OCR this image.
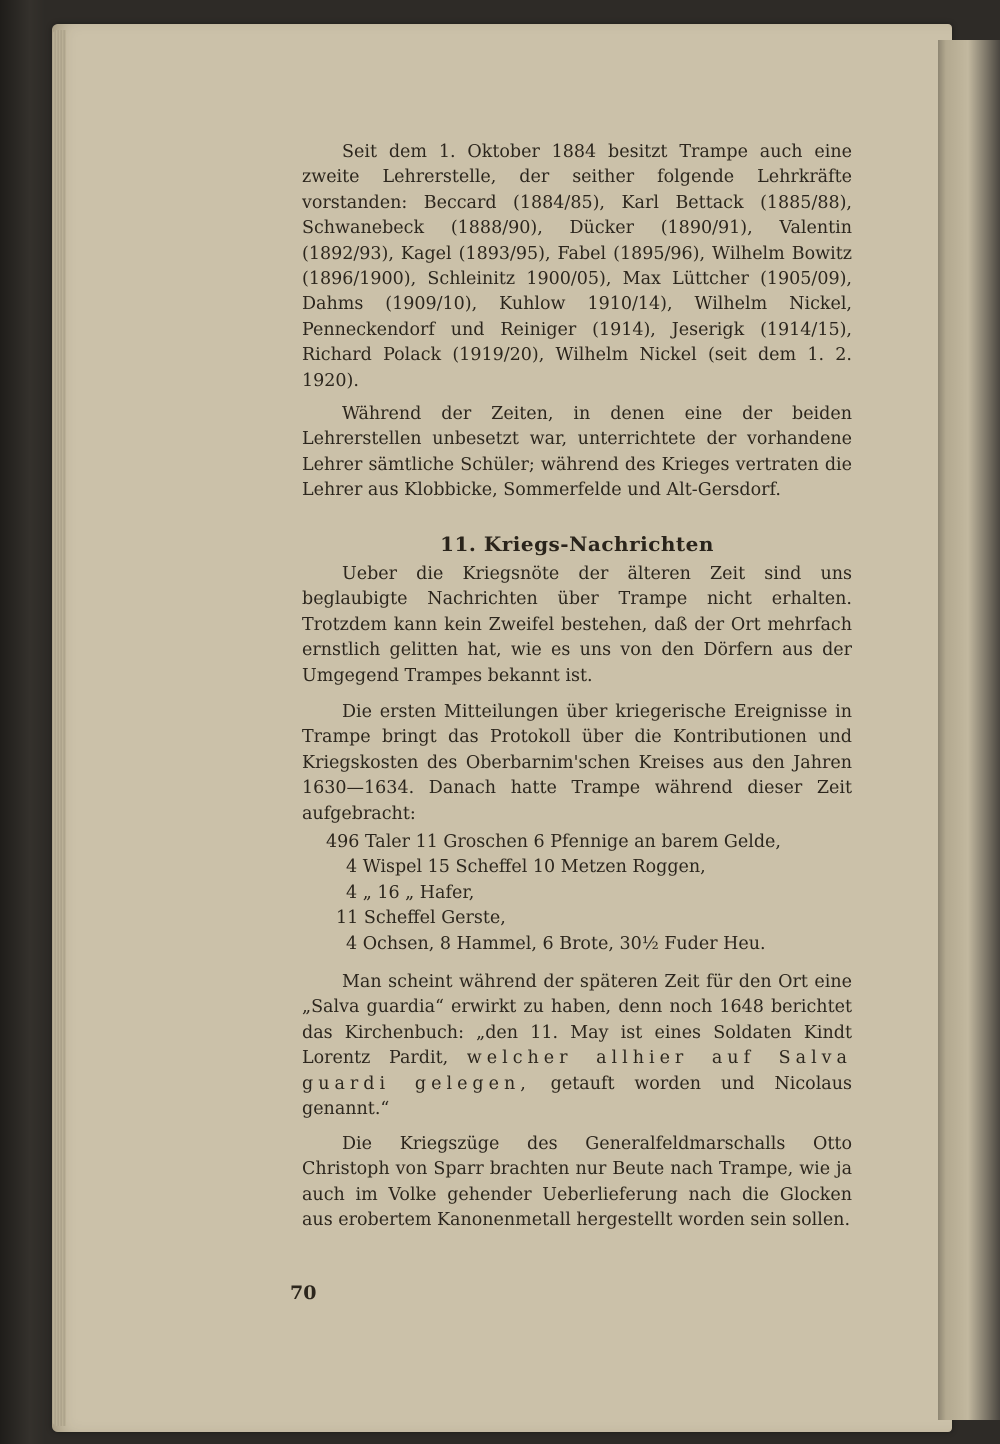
Seit dem 1. Oktober 1884 besitzt Trampe auch eine zweite Lehrerstelle, der seither folgende Lehrkräfte vorstanden: Beccard (1884/85), Karl Bettack (1885/88), Schwanebeck (1888/90), Dücker (1890/91), Valentin (1892/93), Kagel (1893/95), Fabel (1895/96), Wilhelm Bowitz (1896/1900), Schleinitz 1900/05), Max Lüttcher (1905/09), Dahms (1909/10), Kuhlow 1910/14), Wilhelm Nickel, Penneckendorf und Reiniger (1914), Jeserigk (1914/15), Richard Polack (1919/20), Wilhelm Nickel (seit dem 1. 2. 1920).

Während der Zeiten, in denen eine der beiden Lehrerstellen unbesetzt war, unterrichtete der vorhandene Lehrer sämtliche Schüler; während des Krieges vertraten die Lehrer aus Klobbicke, Sommerfelde und Alt-Gersdorf.

11. Kriegs-Nachrichten

Ueber die Kriegsnöte der älteren Zeit sind uns beglaubigte Nachrichten über Trampe nicht erhalten. Trotzdem kann kein Zweifel bestehen, daß der Ort mehrfach ernstlich gelitten hat, wie es uns von den Dörfern aus der Umgegend Trampes bekannt ist.

Die ersten Mitteilungen über kriegerische Ereignisse in Trampe bringt das Protokoll über die Kontributionen und Kriegskosten des Oberbarnim'schen Kreises aus den Jahren 1630—1634. Danach hatte Trampe während dieser Zeit aufgebracht:

496 Taler 11 Groschen 6 Pfennige an barem Gelde,
4 Wispel 15 Scheffel 10 Metzen Roggen,
4 „ 16 „ Hafer,
11 Scheffel Gerste,
4 Ochsen, 8 Hammel, 6 Brote, 30½ Fuder Heu.

Man scheint während der späteren Zeit für den Ort eine „Salva guardia“ erwirkt zu haben, denn noch 1648 berichtet das Kirchenbuch: „den 11. May ist eines Soldaten Kindt Lorentz Pardit, welcher allhier auf Salva guardi gelegen, getauft worden und Nicolaus genannt.“

Die Kriegszüge des Generalfeldmarschalls Otto Christoph von Sparr brachten nur Beute nach Trampe, wie ja auch im Volke gehender Ueberlieferung nach die Glocken aus erobertem Kanonenmetall hergestellt worden sein sollen.

70
